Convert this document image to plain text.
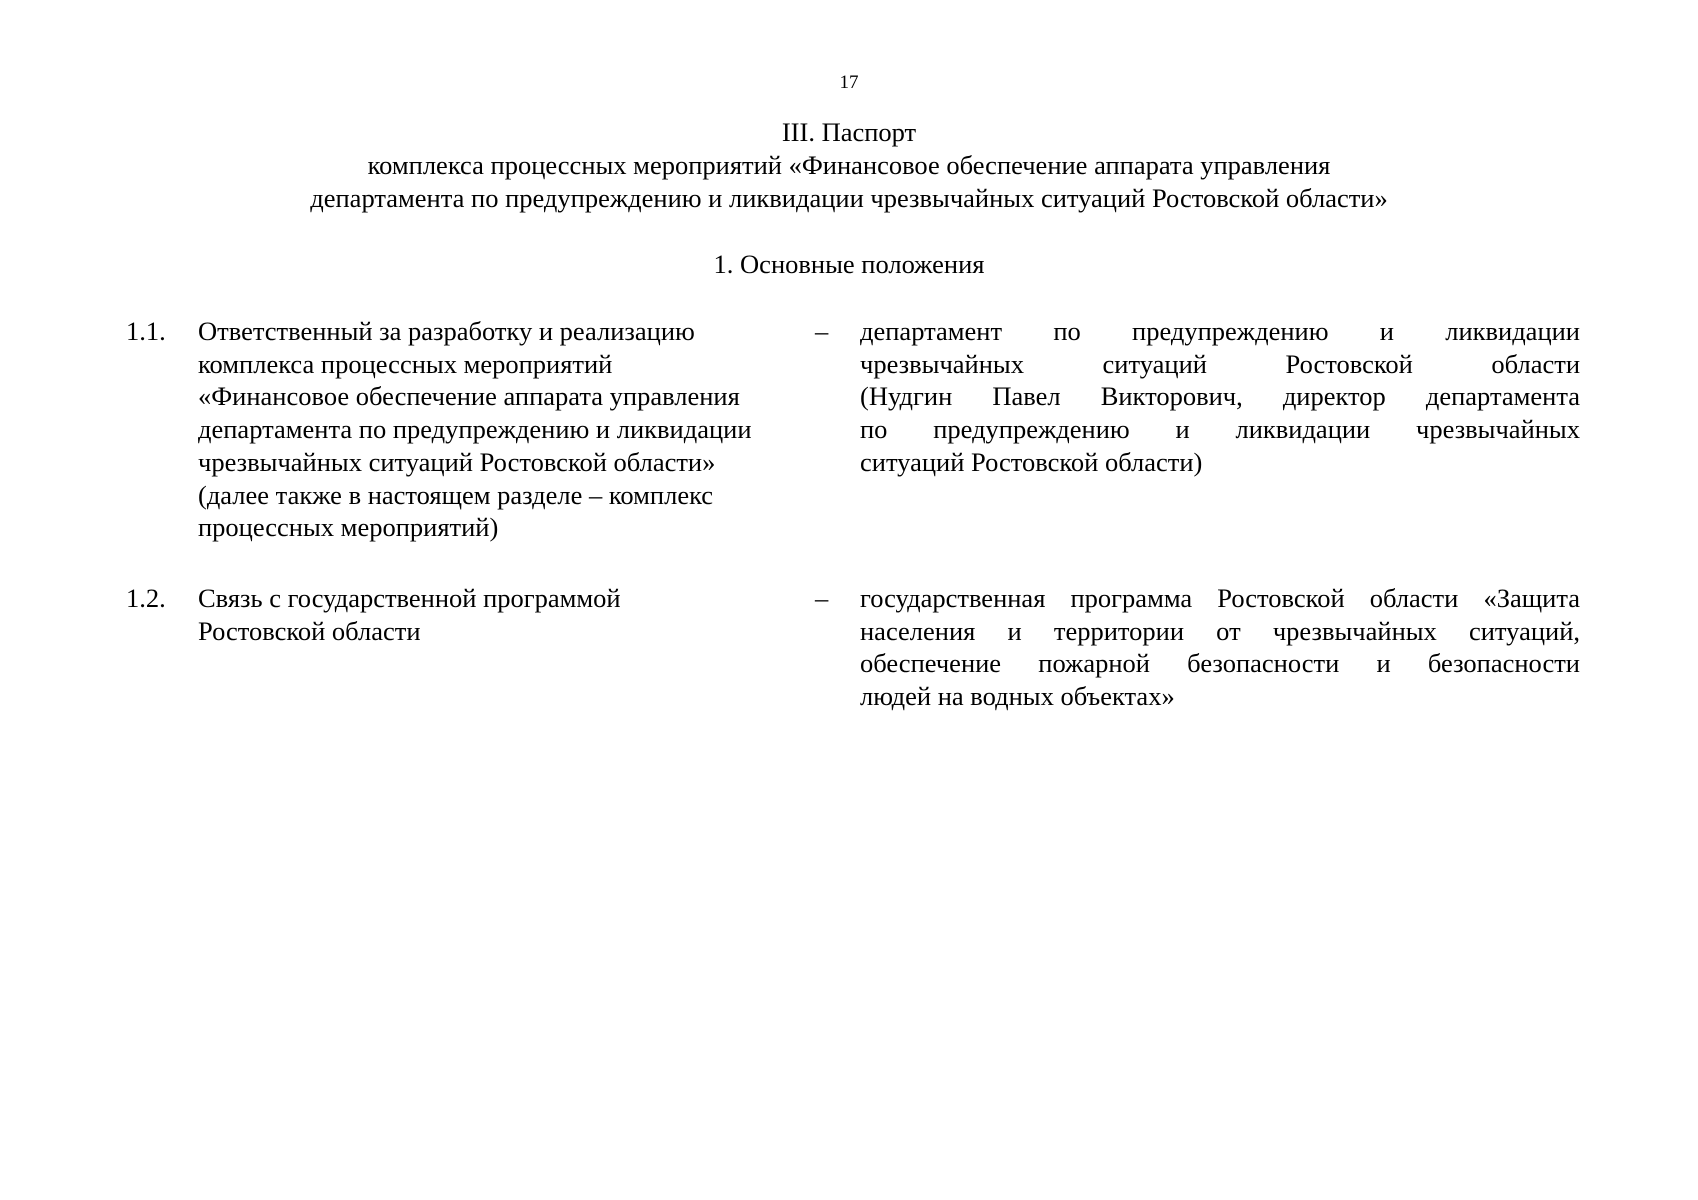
17
III. Паспорт
комплекса процессных мероприятий «Финансовое обеспечение аппарата управления
департамента по предупреждению и ликвидации чрезвычайных ситуаций Ростовской области»
1. Основные положения
1.1. Ответственный за разработку и реализацию
комплекса процессных мероприятий
«Финансовое обеспечение аппарата управления
департамента по предупреждению и ликвидации
чрезвычайных ситуаций Ростовской области»
(далее также в настоящем разделе – комплекс
процессных мероприятий)
– департамент по предупреждению и ликвидации
чрезвычайных ситуаций Ростовской области
(Нудгин Павел Викторович, директор департамента
по предупреждению и ликвидации чрезвычайных
ситуаций Ростовской области)
1.2. Связь с государственной программой
Ростовской области
– государственная программа Ростовской области «Защита
населения и территории от чрезвычайных ситуаций,
обеспечение пожарной безопасности и безопасности
людей на водных объектах»
